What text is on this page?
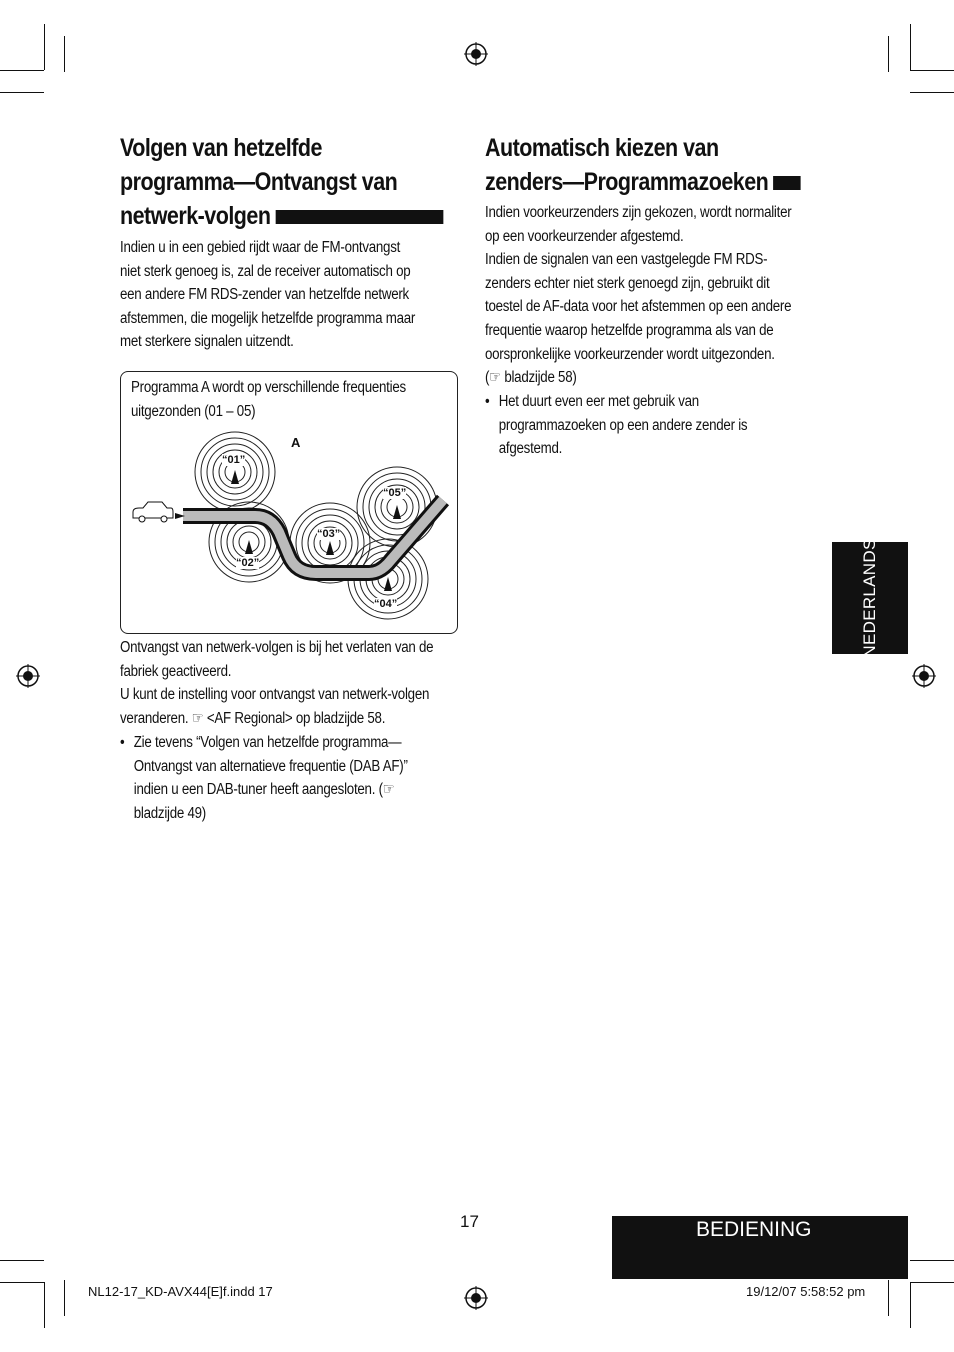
Volgen van hetzelfde
programma—Ontvangst van
netwerk-volgen
Indien u in een gebied rijdt waar de FM-ontvangst
niet sterk genoeg is, zal de receiver automatisch op
een andere FM RDS-zender van hetzelfde netwerk
afstemmen, die mogelijk hetzelfde programma maar
met sterkere signalen uitzendt.
Programma A wordt op verschillende frequenties
uitgezonden (01 – 05)
A
“01”
“02”
“03”
“04”
“05”
Ontvangst van netwerk-volgen is bij het verlaten van de
fabriek geactiveerd.
U kunt de instelling voor ontvangst van netwerk-volgen
veranderen. ☞ <AF Regional> op bladzijde 58.
• Zie tevens “Volgen van hetzelfde programma—
Ontvangst van alternatieve frequentie (DAB AF)”
indien u een DAB-tuner heeft aangesloten. (☞
bladzijde 49)
Automatisch kiezen van
zenders—Programmazoeken
Indien voorkeurzenders zijn gekozen, wordt normaliter
op een voorkeurzender afgestemd.
Indien de signalen van een vastgelegde FM RDS-
zenders echter niet sterk genoegd zijn, gebruikt dit
toestel de AF-data voor het afstemmen op een andere
frequentie waarop hetzelfde programma als van de
oorspronkelijke voorkeurzender wordt uitgezonden.
(☞ bladzijde 58)
• Het duurt even eer met gebruik van
programmazoeken op een andere zender is
afgestemd.
NEDERLANDS
17	BEDIENING
NL12-17_KD-AVX44[E]f.indd 17	19/12/07 5:58:52 pm
